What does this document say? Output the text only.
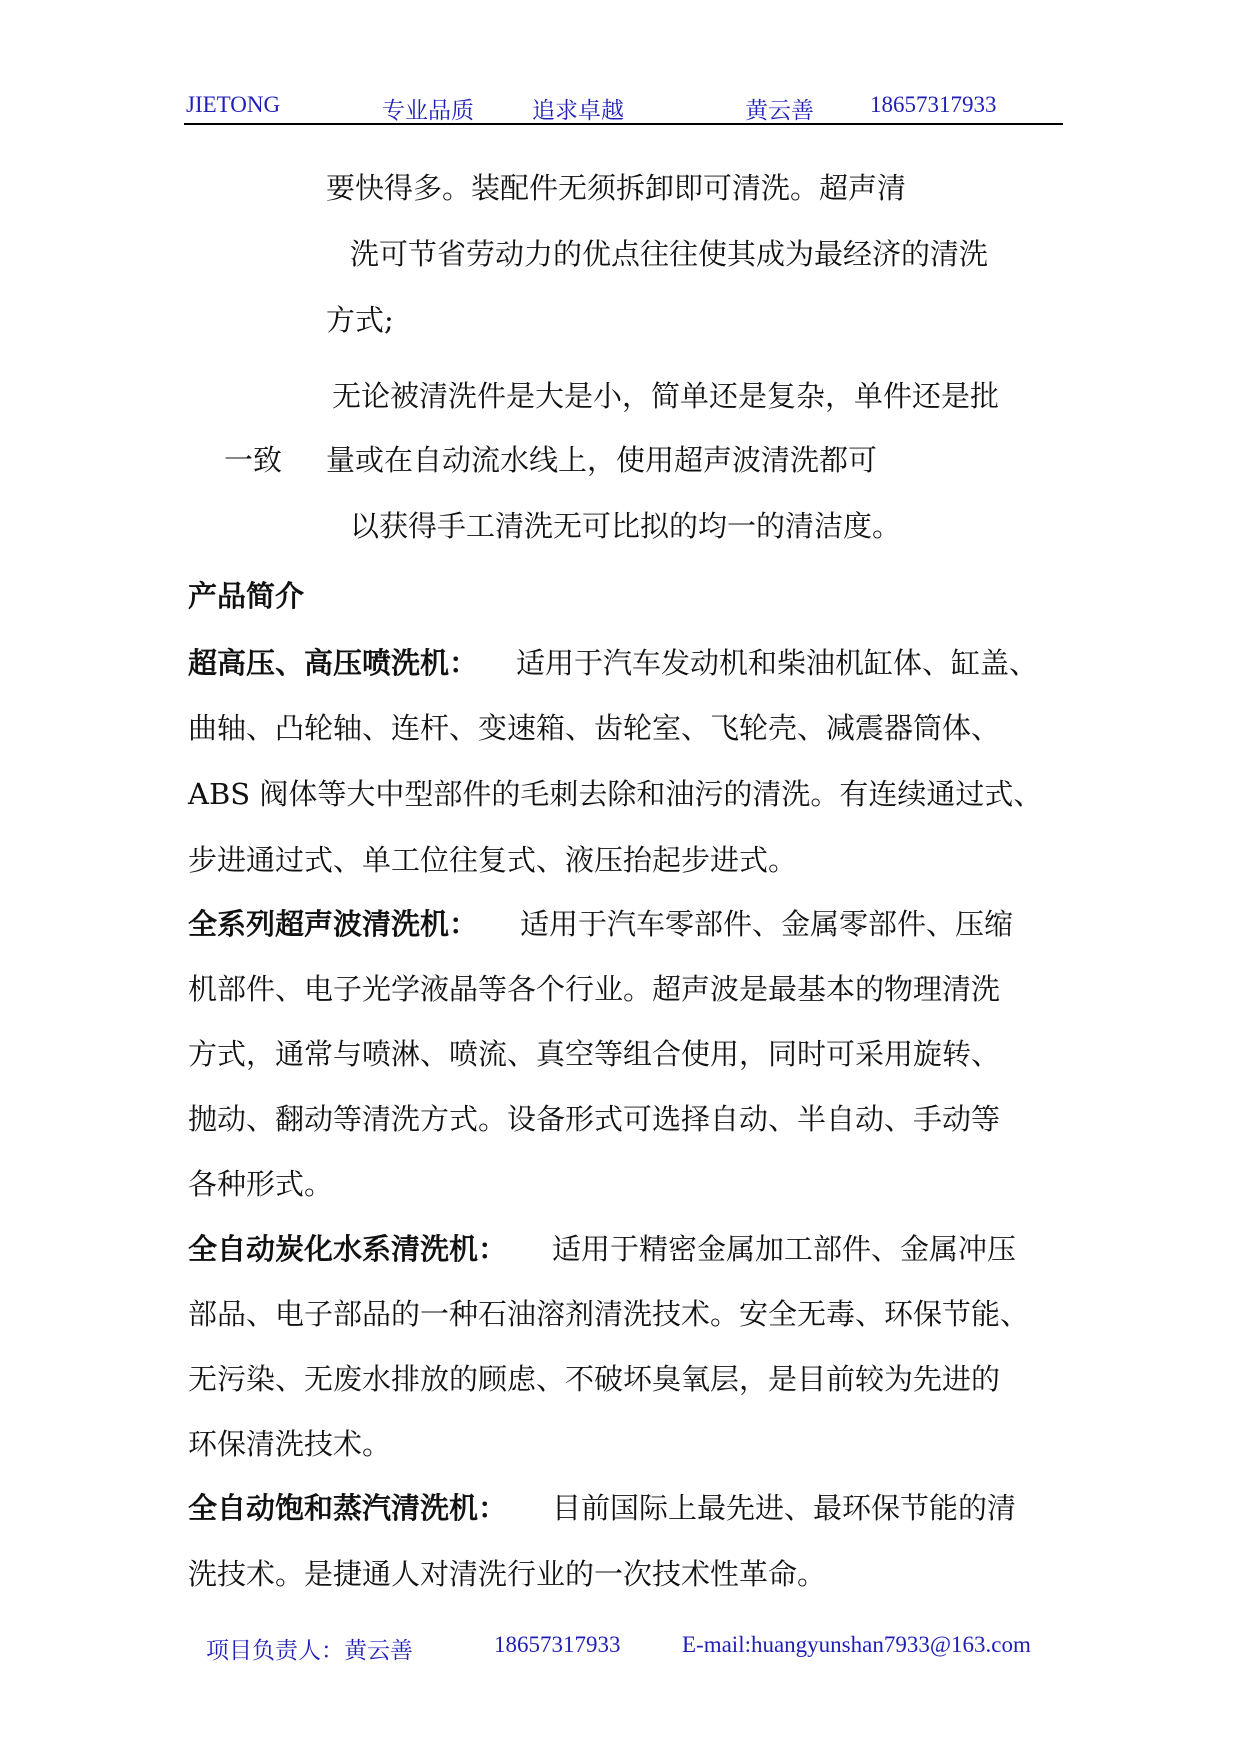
JIETONG	专业品质	追求卓越	黄云善 18657317933
要快得多。装配件无须拆卸即可清洗。超声清
洗可节省劳动力的优点往往使其成为最经济的清洗
方式;
无论被清洗件是大是小，简单还是复杂，单件还是批
一致 量或在自动流水线上，使用超声波清洗都可
以获得手工清洗无可比拟的均一的清洁度。
产品简介
超高压、高压喷洗机： 适用于汽车发动机和柴油机缸体、缸盖、
曲轴、凸轮轴、连杆、变速箱、齿轮室、飞轮壳、减震器筒体、
ABS 阀体等大中型部件的毛刺去除和油污的清洗。有连续通过式、
步进通过式、单工位往复式、液压抬起步进式。
全系列超声波清洗机： 适用于汽车零部件、金属零部件、压缩
机部件、电子光学液晶等各个行业。超声波是最基本的物理清洗
方式，通常与喷淋、喷流、真空等组合使用，同时可采用旋转、
抛动、翻动等清洗方式。设备形式可选择自动、半自动、手动等
各种形式。
全自动炭化水系清洗机： 适用于精密金属加工部件、金属冲压
部品、电子部品的一种石油溶剂清洗技术。安全无毒、环保节能、
无污染、无废水排放的顾虑、不破坏臭氧层，是目前较为先进的
环保清洗技术。
全自动饱和蒸汽清洗机： 目前国际上最先进、最环保节能的清
洗技术。是捷通人对清洗行业的一次技术性革命。
项目负责人：黄云善	18657317933	E-mail:huangyunshan7933@163.com
